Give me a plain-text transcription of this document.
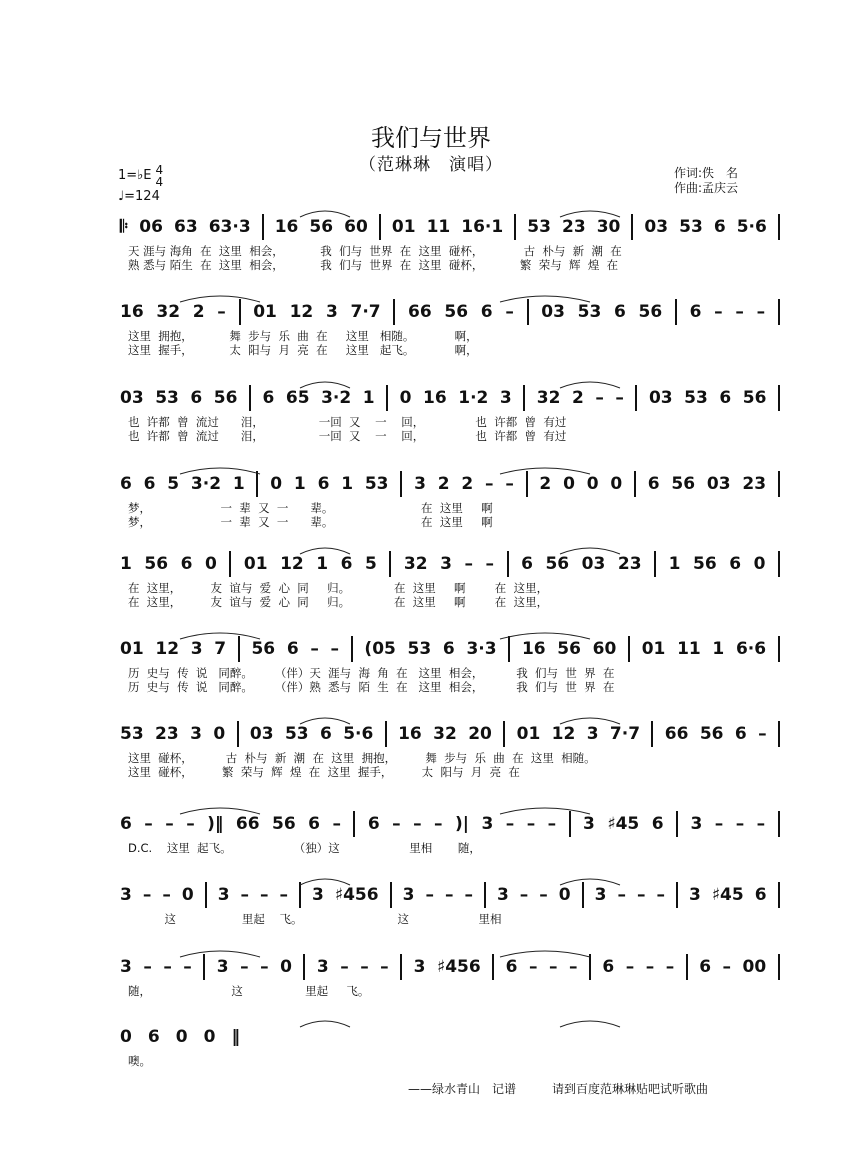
我们与世界
（范琳琳　演唱）
1=♭E 4
4
♩=124
作词:佚　名
作曲:孟庆云
𝄆 06 63 63·3 16 56 60 01 11 16·1 53 23 30 03 53 6 5·6
天 涯与 海角  在  这里  相会，          我  们与  世界  在  这里  碰杯，           古  朴与  新  潮  在
熟 悉与 陌生  在  这里  相会，          我  们与  世界  在  这里  碰杯，          繁  荣与  辉  煌  在
16 32 2 – 01 12 3 7·7 66 56 6 – 03 53 6 56 6 – – –
这里  拥抱，          舞  步与  乐  曲  在     这里   相随。           啊，
这里  握手，          太  阳与  月  亮  在     这里   起飞。           啊，
03 53 6 56 6 65 3·2 1 0 16 1·2 3 32 2 – – 03 53 6 56
也  许都  曾  流过      泪，               一回  又    一    回，              也  许都  曾  有过
也  许都  曾  流过      泪，               一回  又    一    回，              也  许都  曾  有过
6 6 5 3·2 1 0 1 6 1 53 3 2 2 – – 2 0 0 0 6 56 03 23
梦，                   一  辈  又  一      辈。                        在  这里     啊
梦，                   一  辈  又  一      辈。                        在  这里     啊
1 56 6 0 01 12 1 6 5 32 3 – – 6 56 03 23 1 56 6 0
在  这里，        友  谊与  爱  心  同     归。            在  这里     啊        在  这里，
在  这里，        友  谊与  爱  心  同     归。            在  这里     啊        在  这里，
01 12 3 7 56 6 – – (05 53 6 3·3 16 56 60 01 11 1 6·6
历  史与  传  说   同醉。      （伴）天  涯与  海  角  在   这里  相会，         我  们与  世  界  在
历  史与  传  说   同醉。      （伴）熟  悉与  陌  生  在   这里  相会，         我  们与  世  界  在
53 23 3 0 03 53 6 5·6 16 32 20 01 12 3 7·7 66 56 6 –
这里  碰杯，         古  朴与  新  潮  在  这里  拥抱，        舞  步与  乐  曲  在  这里  相随。
这里  碰杯，        繁  荣与  辉  煌  在  这里  握手，        太  阳与  月  亮  在
6 – – – )‖ 66 56 6 – 6 – – – )| 3 – – – 3 ♯45 6 3 – – –
D.C.    这里  起飞。                 （独）这                   里相       随，
3 – – 0 3 – – – 3 ♯456 3 – – – 3 – – 0 3 – – – 3 ♯45 6
这                  里起    飞。                          这                   里相
3 – – – 3 – – 0 3 – – – 3 ♯456 6 – – – 6 – – – 6 – 00
随，                      这                 里起     飞。
0 6 0 0 ‖
噢。
——绿水青山　记谱　　　请到百度范琳琳贴吧试听歌曲
